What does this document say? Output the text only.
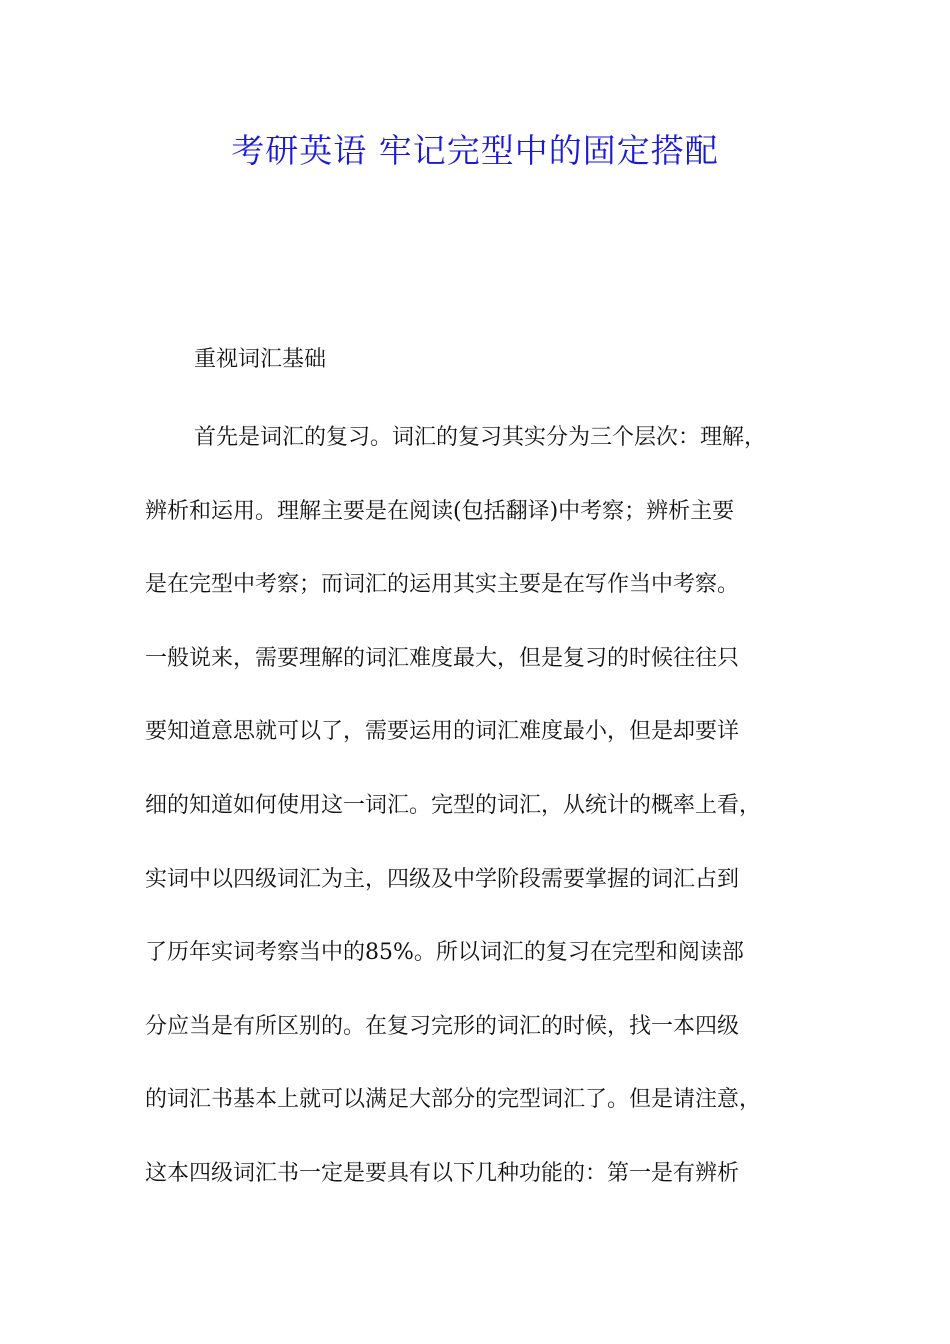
考研英语 牢记完型中的固定搭配
重视词汇基础
首先是词汇的复习。词汇的复习其实分为三个层次：理解，
辨析和运用。理解主要是在阅读(包括翻译)中考察；辨析主要
是在完型中考察；而词汇的运用其实主要是在写作当中考察。
一般说来，需要理解的词汇难度最大，但是复习的时候往往只
要知道意思就可以了，需要运用的词汇难度最小，但是却要详
细的知道如何使用这一词汇。完型的词汇，从统计的概率上看，
实词中以四级词汇为主，四级及中学阶段需要掌握的词汇占到
了历年实词考察当中的85%。所以词汇的复习在完型和阅读部
分应当是有所区别的。在复习完形的词汇的时候，找一本四级
的词汇书基本上就可以满足大部分的完型词汇了。但是请注意，
这本四级词汇书一定是要具有以下几种功能的：第一是有辨析
